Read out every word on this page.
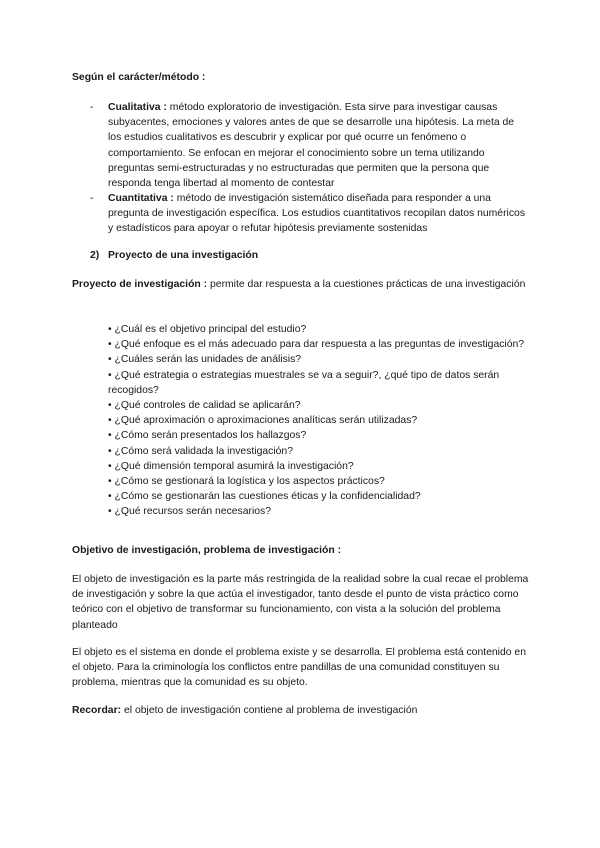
Según el carácter/método :
- Cualitativa : método exploratorio de investigación. Esta sirve para investigar causas subyacentes, emociones y valores antes de que se desarrolle una hipótesis. La meta de los estudios cualitativos es descubrir y explicar por qué ocurre un fenómeno o comportamiento. Se enfocan en mejorar el conocimiento sobre un tema utilizando preguntas semi-estructuradas y no estructuradas que permiten que la persona que responda tenga libertad al momento de contestar
- Cuantitativa : método de investigación sistemático diseñada para responder a una pregunta de investigación específica. Los estudios cuantitativos recopilan datos numéricos y estadísticos para apoyar o refutar hipótesis previamente sostenidas
2) Proyecto de una investigación
Proyecto de investigación : permite dar respuesta a la cuestiones prácticas de una investigación
• ¿Cuál es el objetivo principal del estudio?
• ¿Qué enfoque es el más adecuado para dar respuesta a las preguntas de investigación?
• ¿Cuáles serán las unidades de análisis?
• ¿Qué estrategia o estrategias muestrales se va a seguir?, ¿qué tipo de datos serán recogidos?
• ¿Qué controles de calidad se aplicarán?
• ¿Qué aproximación o aproximaciones analíticas serán utilizadas?
• ¿Cómo serán presentados los hallazgos?
• ¿Cómo será validada la investigación?
• ¿Qué dimensión temporal asumirá la investigación?
• ¿Cómo se gestionará la logística y los aspectos prácticos?
• ¿Cómo se gestionarán las cuestiones éticas y la confidencialidad?
• ¿Qué recursos serán necesarios?
Objetivo de investigación, problema de investigación :
El objeto de investigación es la parte más restringida de la realidad sobre la cual recae el problema de investigación y sobre la que actúa el investigador, tanto desde el punto de vista práctico como teórico con el objetivo de transformar su funcionamiento, con vista a la solución del problema planteado
El objeto es el sistema en donde el problema existe y se desarrolla. El problema está contenido en el objeto. Para la criminología los conflictos entre pandillas de una comunidad constituyen su problema, mientras que la comunidad es su objeto.
Recordar: el objeto de investigación contiene al problema de investigación
